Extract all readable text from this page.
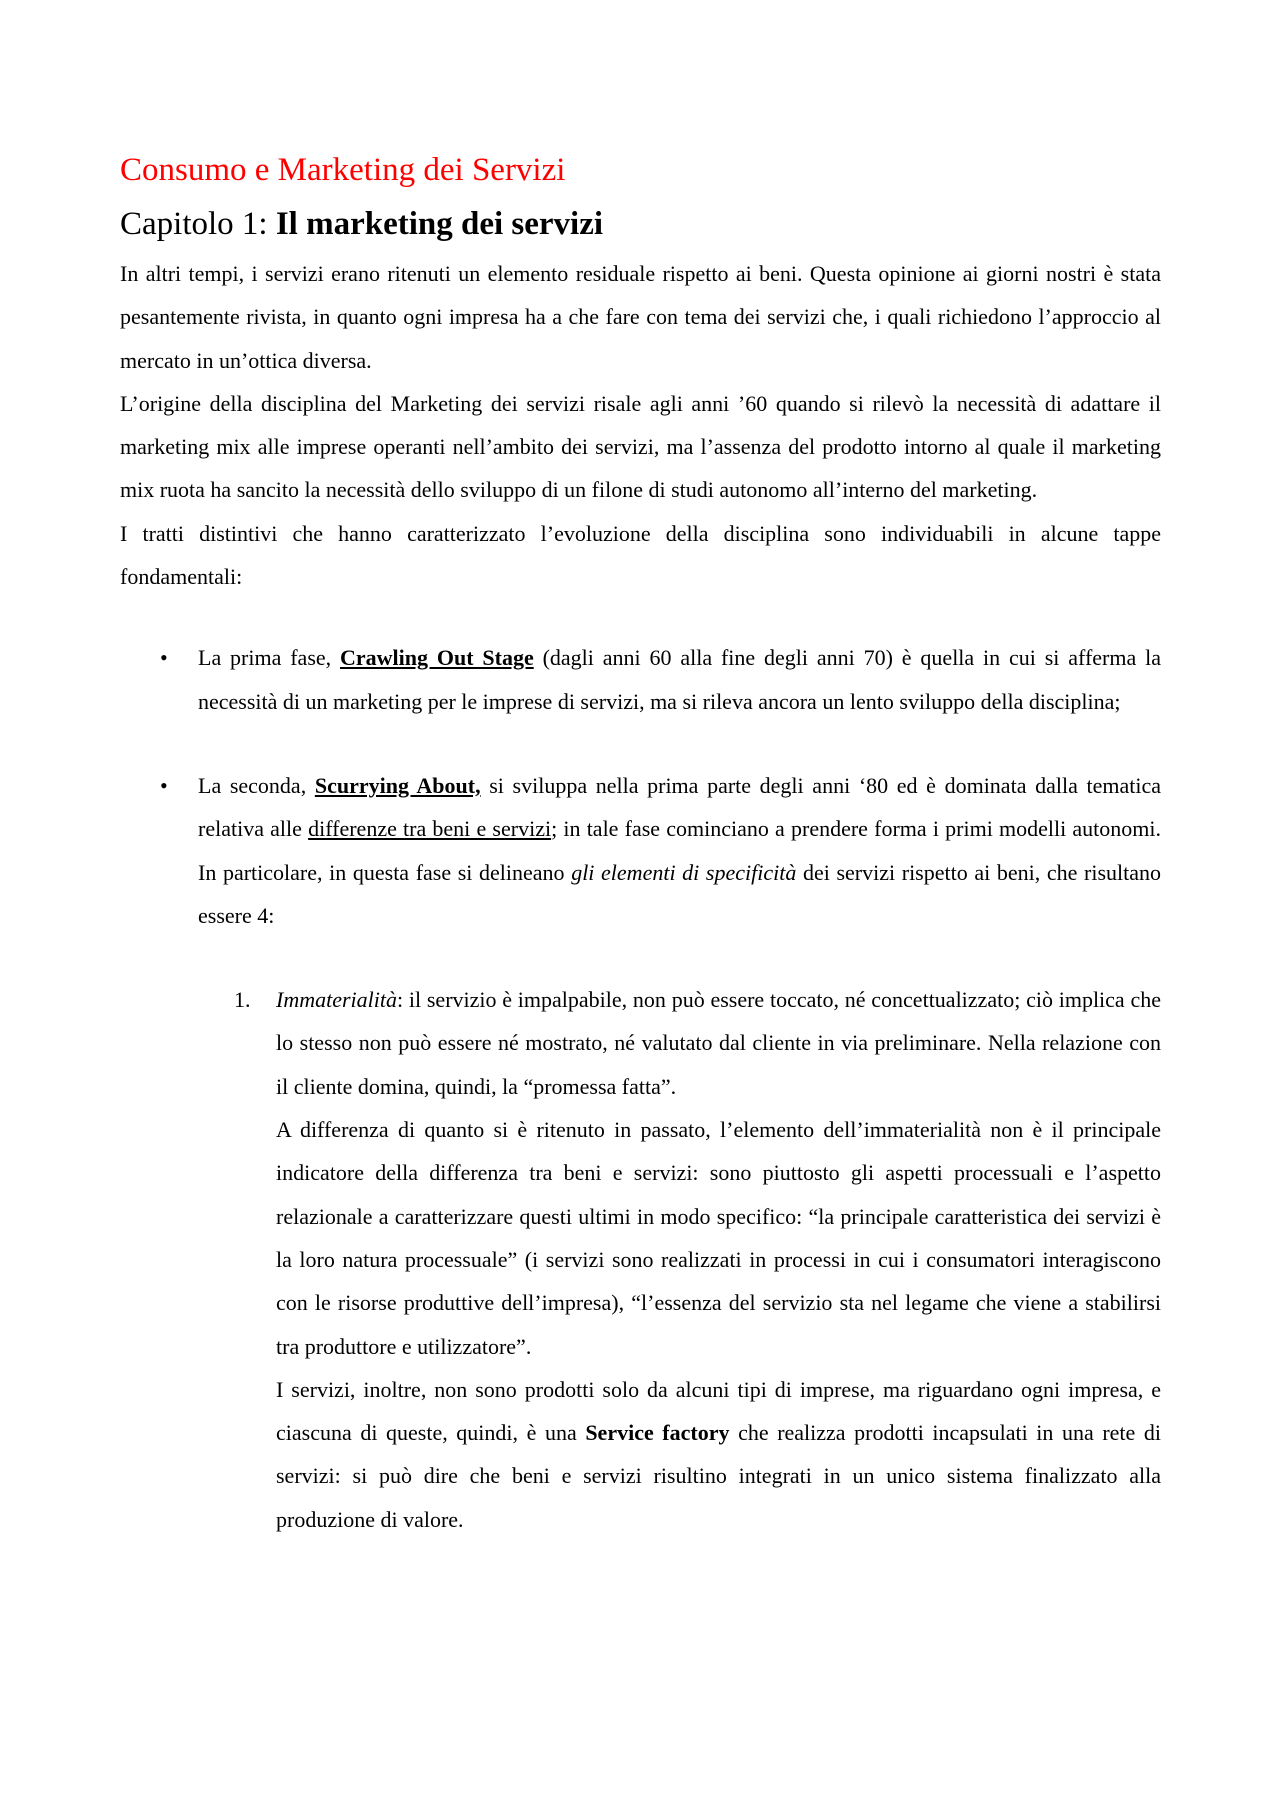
Consumo e Marketing dei Servizi
Capitolo 1: Il marketing dei servizi

In altri tempi, i servizi erano ritenuti un elemento residuale rispetto ai beni. Questa opinione ai giorni nostri è stata pesantemente rivista, in quanto ogni impresa ha a che fare con tema dei servizi che, i quali richiedono l’approccio al mercato in un’ottica diversa.

L’origine della disciplina del Marketing dei servizi risale agli anni ’60 quando si rilevò la necessità di adattare il marketing mix alle imprese operanti nell’ambito dei servizi, ma l’assenza del prodotto intorno al quale il marketing mix ruota ha sancito la necessità dello sviluppo di un filone di studi autonomo all’interno del marketing.

I tratti distintivi che hanno caratterizzato l’evoluzione della disciplina sono individuabili in alcune tappe fondamentali:

• La prima fase, Crawling Out Stage (dagli anni 60 alla fine degli anni 70) è quella in cui si afferma la necessità di un marketing per le imprese di servizi, ma si rileva ancora un lento sviluppo della disciplina;

• La seconda, Scurrying About, si sviluppa nella prima parte degli anni ‘80 ed è dominata dalla tematica relativa alle differenze tra beni e servizi; in tale fase cominciano a prendere forma i primi modelli autonomi. In particolare, in questa fase si delineano gli elementi di specificità dei servizi rispetto ai beni, che risultano essere 4:

1. Immaterialità: il servizio è impalpabile, non può essere toccato, né concettualizzato; ciò implica che lo stesso non può essere né mostrato, né valutato dal cliente in via preliminare. Nella relazione con il cliente domina, quindi, la “promessa fatta”.

A differenza di quanto si è ritenuto in passato, l’elemento dell’immaterialità non è il principale indicatore della differenza tra beni e servizi: sono piuttosto gli aspetti processuali e l’aspetto relazionale a caratterizzare questi ultimi in modo specifico: “la principale caratteristica dei servizi è la loro natura processuale” (i servizi sono realizzati in processi in cui i consumatori interagiscono con le risorse produttive dell’impresa), “l’essenza del servizio sta nel legame che viene a stabilirsi tra produttore e utilizzatore”.

I servizi, inoltre, non sono prodotti solo da alcuni tipi di imprese, ma riguardano ogni impresa, e ciascuna di queste, quindi, è una Service factory che realizza prodotti incapsulati in una rete di servizi: si può dire che beni e servizi risultino integrati in un unico sistema finalizzato alla produzione di valore.
